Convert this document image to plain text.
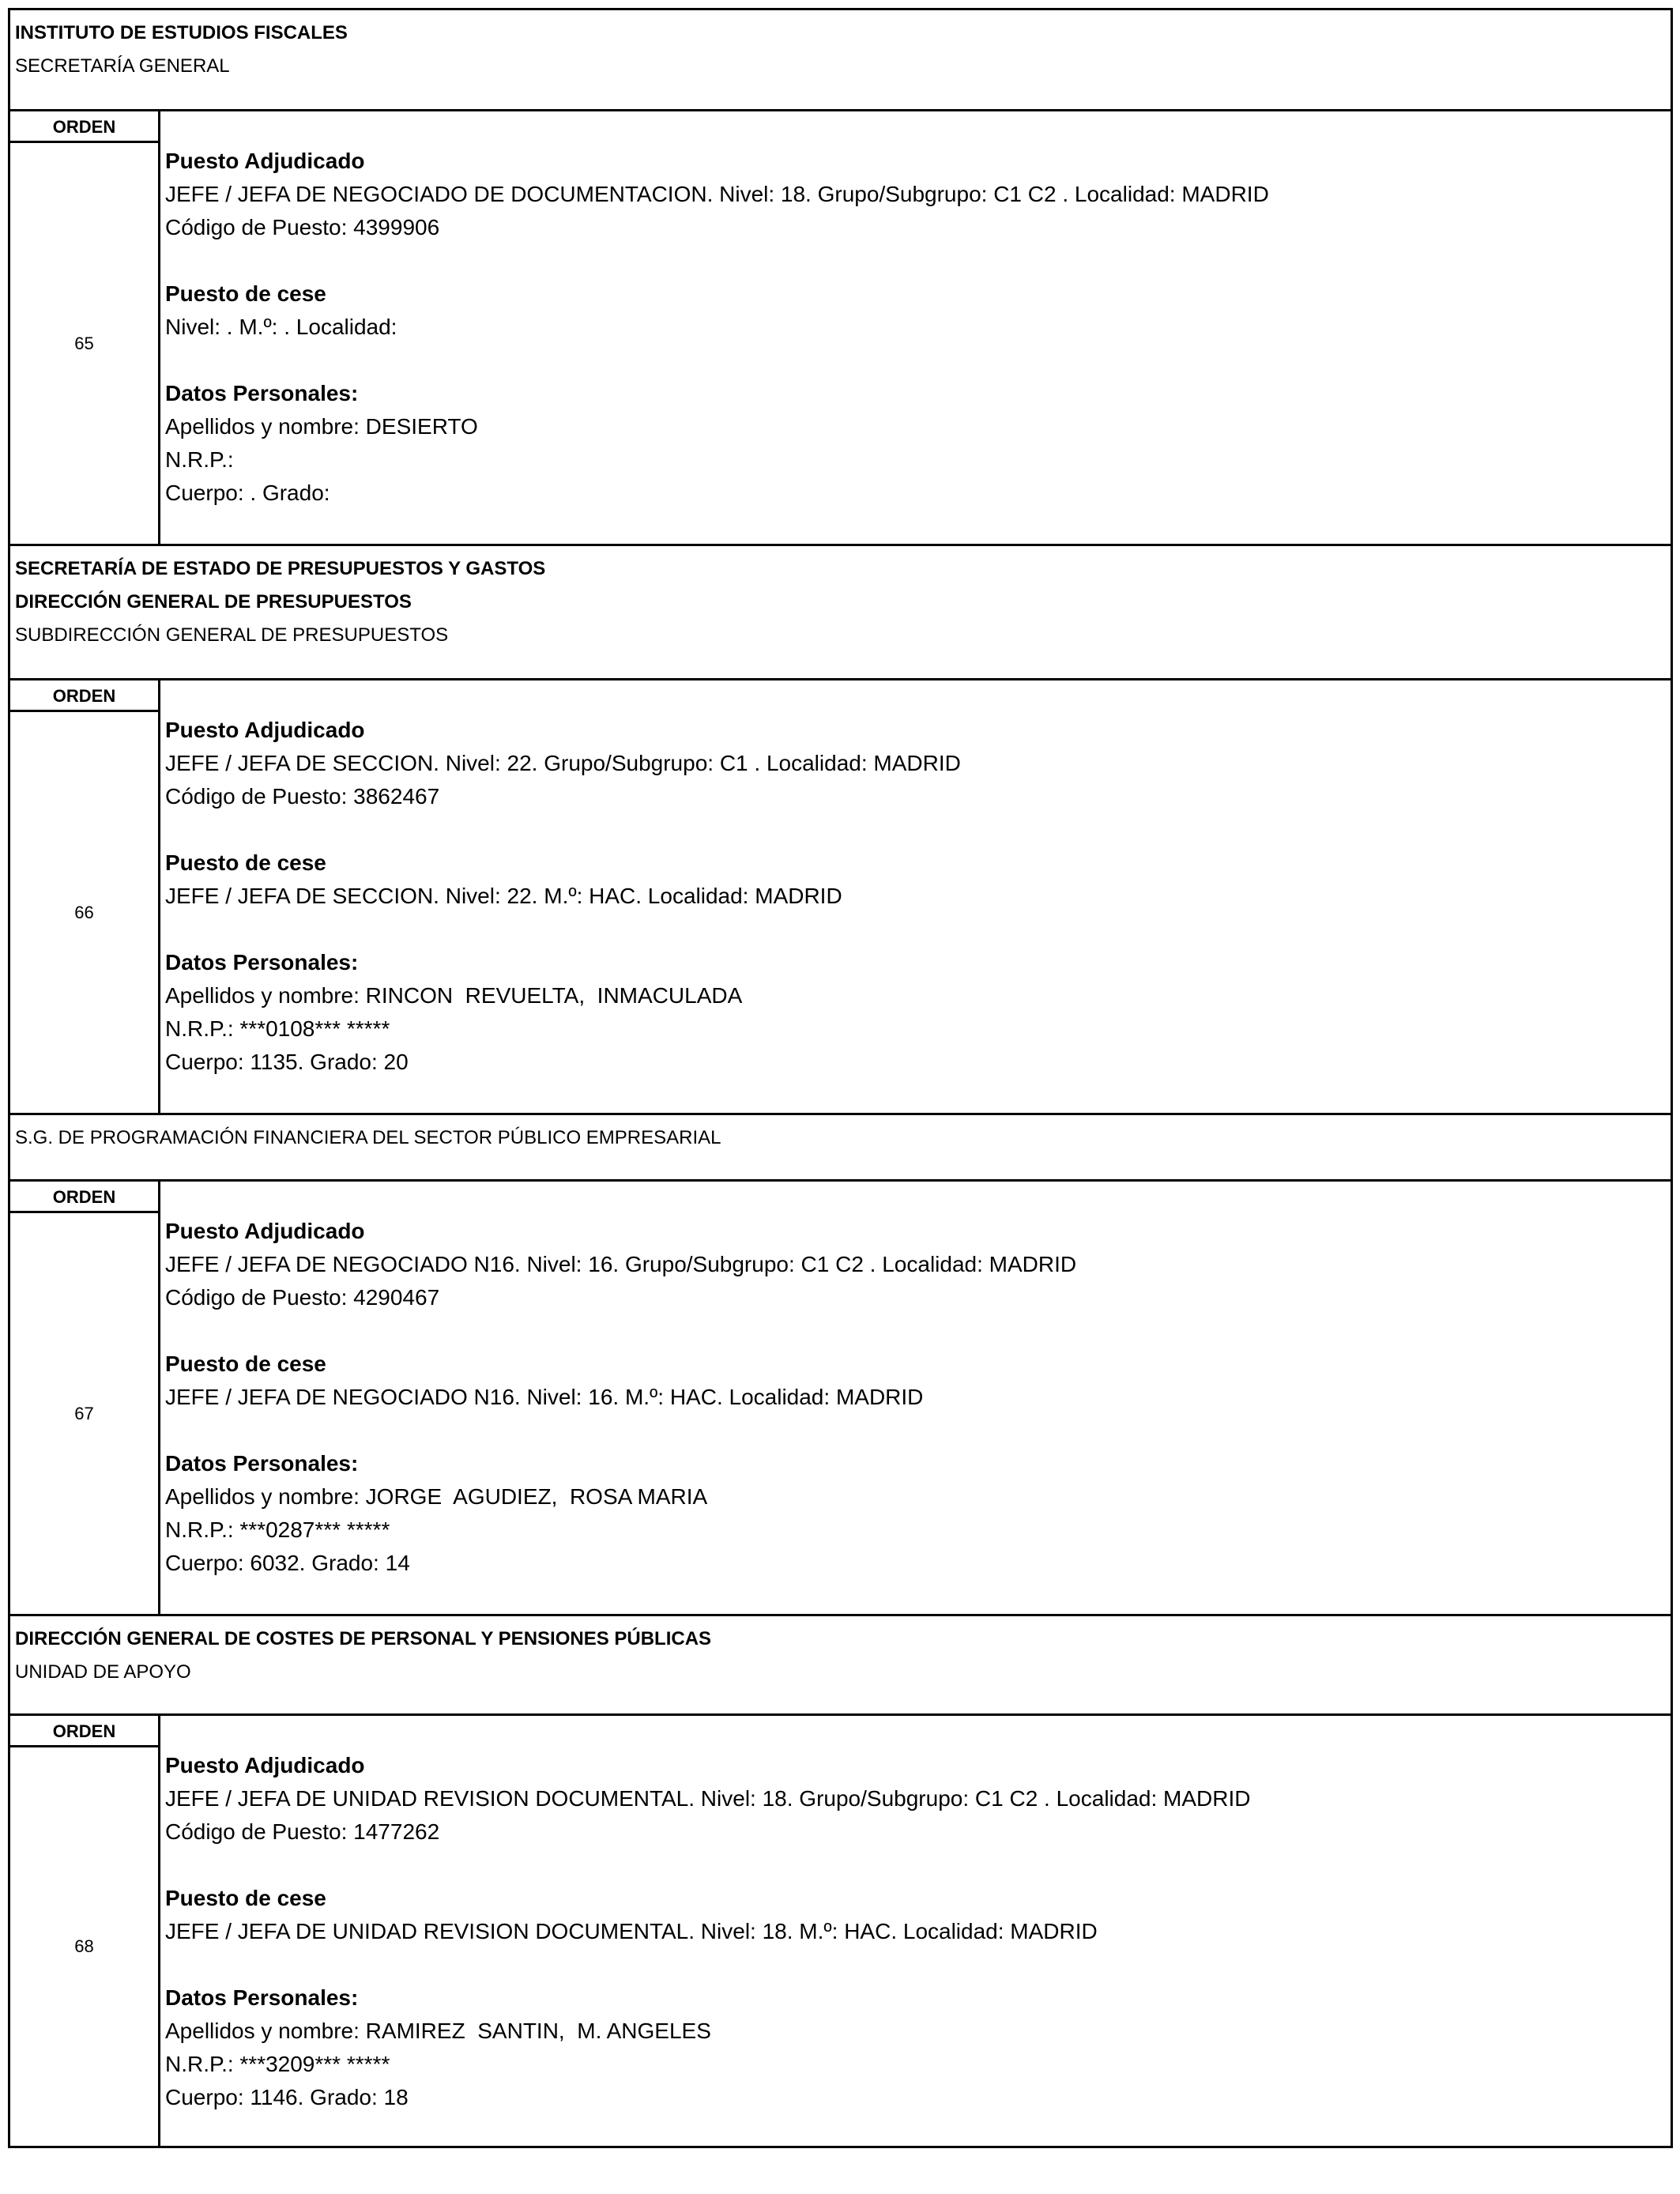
INSTITUTO DE ESTUDIOS FISCALES
SECRETARÍA GENERAL
ORDEN
65
Puesto Adjudicado
JEFE / JEFA DE NEGOCIADO DE DOCUMENTACION. Nivel: 18. Grupo/Subgrupo: C1 C2 . Localidad: MADRID
Código de Puesto: 4399906
Puesto de cese
Nivel: . M.º: . Localidad:
Datos Personales:
Apellidos y nombre: DESIERTO
N.R.P.:
Cuerpo: . Grado:
SECRETARÍA DE ESTADO DE PRESUPUESTOS Y GASTOS
DIRECCIÓN GENERAL DE PRESUPUESTOS
SUBDIRECCIÓN GENERAL DE PRESUPUESTOS
ORDEN
66
Puesto Adjudicado
JEFE / JEFA DE SECCION. Nivel: 22. Grupo/Subgrupo: C1 . Localidad: MADRID
Código de Puesto: 3862467
Puesto de cese
JEFE / JEFA DE SECCION. Nivel: 22. M.º: HAC. Localidad: MADRID
Datos Personales:
Apellidos y nombre: RINCON  REVUELTA,  INMACULADA
N.R.P.: ***0108*** *****
Cuerpo: 1135. Grado: 20
S.G. DE PROGRAMACIÓN FINANCIERA DEL SECTOR PÚBLICO EMPRESARIAL
ORDEN
67
Puesto Adjudicado
JEFE / JEFA DE NEGOCIADO N16. Nivel: 16. Grupo/Subgrupo: C1 C2 . Localidad: MADRID
Código de Puesto: 4290467
Puesto de cese
JEFE / JEFA DE NEGOCIADO N16. Nivel: 16. M.º: HAC. Localidad: MADRID
Datos Personales:
Apellidos y nombre: JORGE  AGUDIEZ,  ROSA MARIA
N.R.P.: ***0287*** *****
Cuerpo: 6032. Grado: 14
DIRECCIÓN GENERAL DE COSTES DE PERSONAL Y PENSIONES PÚBLICAS
UNIDAD DE APOYO
ORDEN
68
Puesto Adjudicado
JEFE / JEFA DE UNIDAD REVISION DOCUMENTAL. Nivel: 18. Grupo/Subgrupo: C1 C2 . Localidad: MADRID
Código de Puesto: 1477262
Puesto de cese
JEFE / JEFA DE UNIDAD REVISION DOCUMENTAL. Nivel: 18. M.º: HAC. Localidad: MADRID
Datos Personales:
Apellidos y nombre: RAMIREZ  SANTIN,  M. ANGELES
N.R.P.: ***3209*** *****
Cuerpo: 1146. Grado: 18
